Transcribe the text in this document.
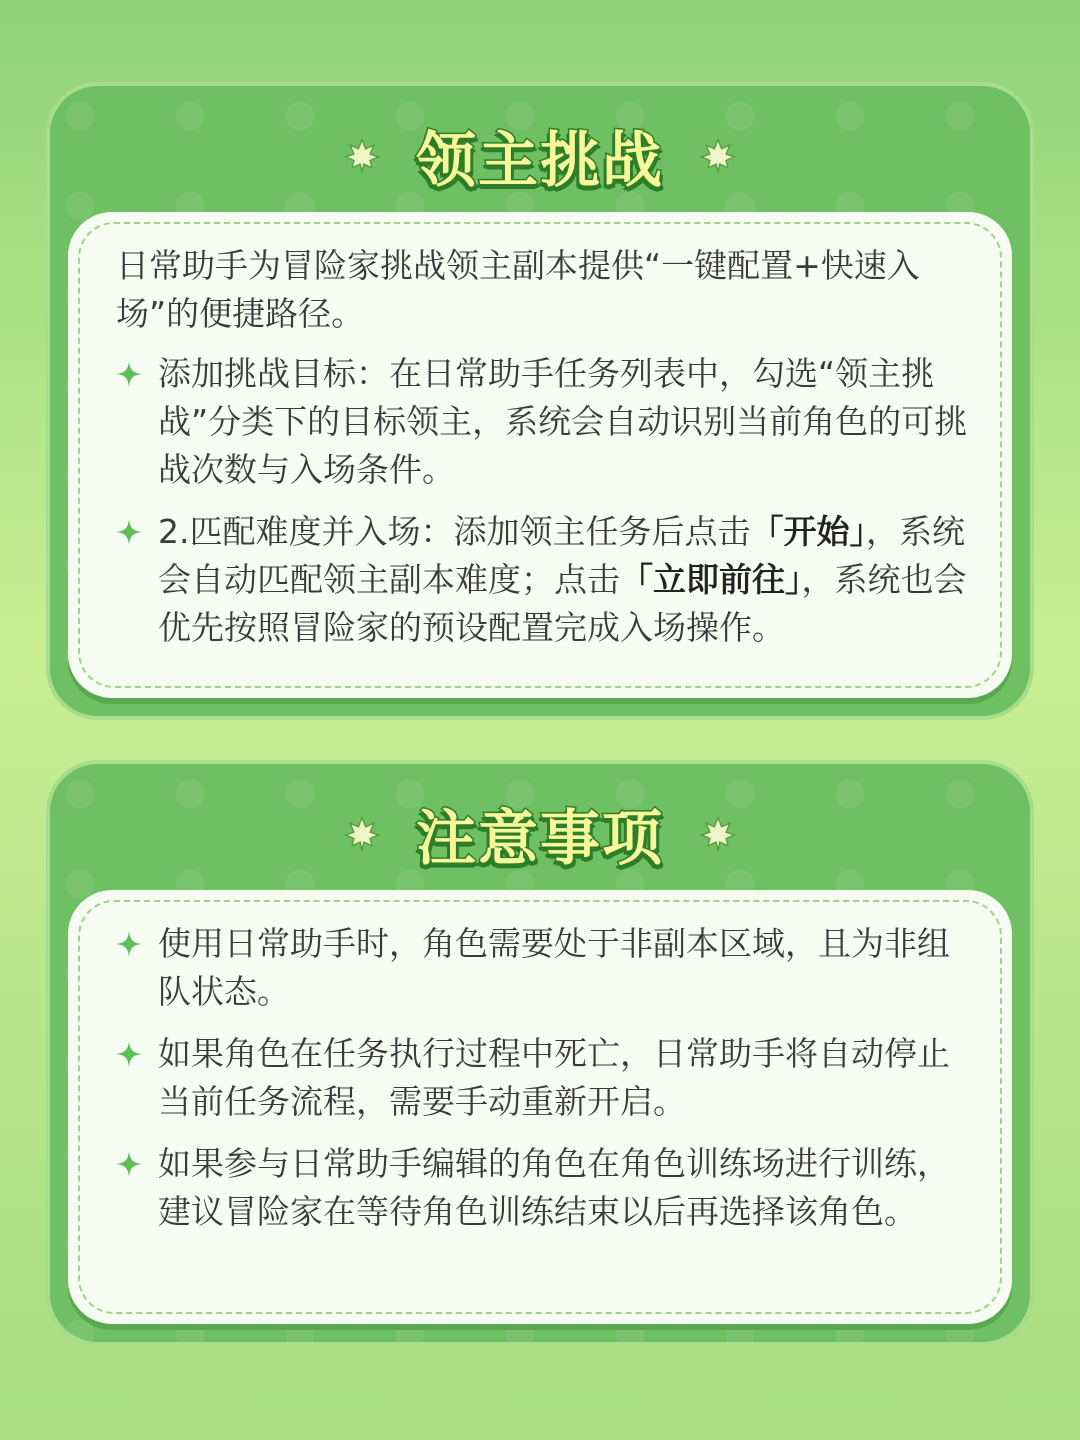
领主挑战

日常助手为冒险家挑战领主副本提供“一键配置+快速入场”的便捷路径。

添加挑战目标：在日常助手任务列表中，勾选“领主挑战”分类下的目标领主，系统会自动识别当前角色的可挑战次数与入场条件。
2.匹配难度并入场：添加领主任务后点击「开始」，系统会自动匹配领主副本难度；点击「立即前往」，系统也会优先按照冒险家的预设配置完成入场操作。
注意事项
使用日常助手时，角色需要处于非副本区域，且为非组队状态。
如果角色在任务执行过程中死亡，日常助手将自动停止当前任务流程，需要手动重新开启。
如果参与日常助手编辑的角色在角色训练场进行训练，建议冒险家在等待角色训练结束以后再选择该角色。
